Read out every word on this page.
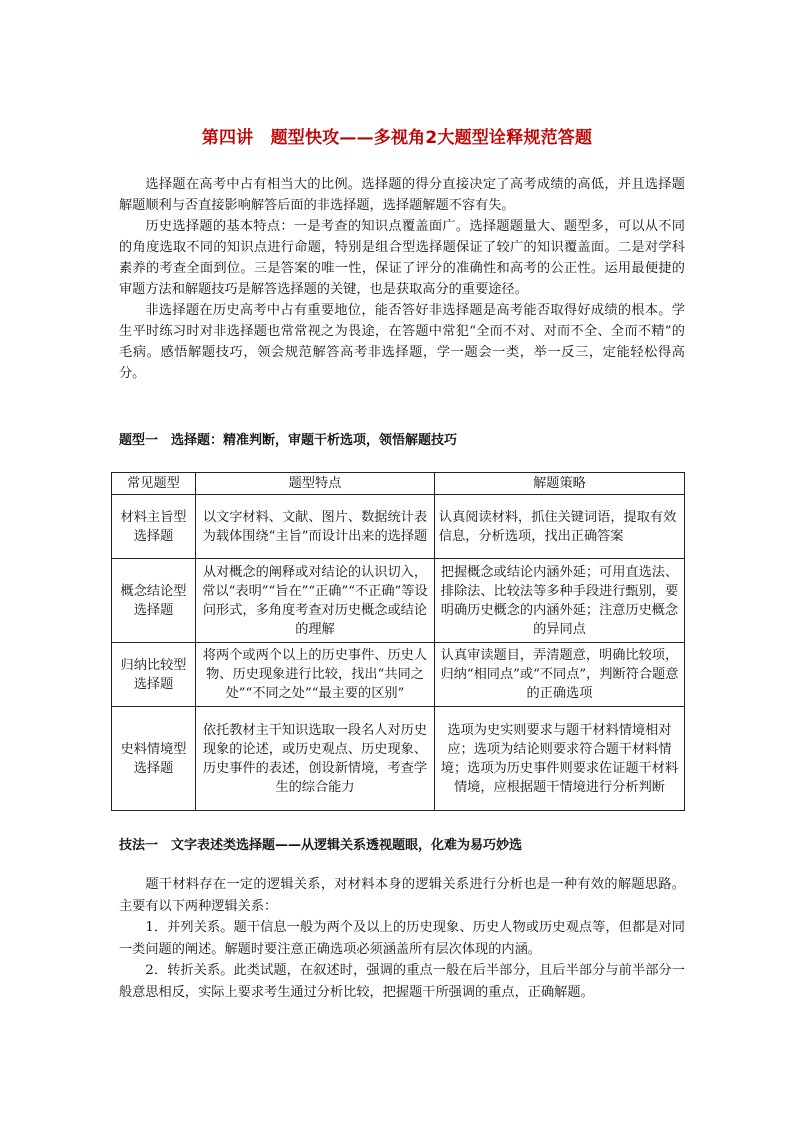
第四讲　题型快攻——多视角2大题型诠释规范答题

选择题在高考中占有相当大的比例。选择题的得分直接决定了高考成绩的高低，并且选择题解题顺利与否直接影响解答后面的非选择题，选择题解题不容有失。

历史选择题的基本特点：一是考查的知识点覆盖面广。选择题题量大、题型多，可以从不同的角度选取不同的知识点进行命题，特别是组合型选择题保证了较广的知识覆盖面。二是对学科素养的考查全面到位。三是答案的唯一性，保证了评分的准确性和高考的公正性。运用最便捷的审题方法和解题技巧是解答选择题的关键，也是获取高分的重要途径。

非选择题在历史高考中占有重要地位，能否答好非选择题是高考能否取得好成绩的根本。学生平时练习时对非选择题也常常视之为畏途，在答题中常犯“全而不对、对而不全、全而不精”的毛病。感悟解题技巧，领会规范解答高考非选择题，学一题会一类，举一反三，定能轻松得高分。

题型一　选择题：精准判断，审题干析选项，领悟解题技巧
常见题型	题型特点	解题策略
材料主旨型选择题	以文字材料、文献、图片、数据统计表为载体围绕“主旨”而设计出来的选择题	认真阅读材料，抓住关键词语，提取有效信息，分析选项，找出正确答案
概念结论型选择题	从对概念的阐释或对结论的认识切入，常以“表明”“旨在”“正确”“不正确”等设问形式，多角度考查对历史概念或结论的理解	把握概念或结论内涵外延；可用直选法、排除法、比较法等多种手段进行甄别，要明确历史概念的内涵外延；注意历史概念的异同点
归纳比较型选择题	将两个或两个以上的历史事件、历史人物、历史现象进行比较，找出“共同之处”“不同之处”“最主要的区别”	认真审读题目，弄清题意，明确比较项，归纳“相同点”或“不同点”，判断符合题意的正确选项
史料情境型选择题	依托教材主干知识选取一段名人对历史现象的论述，或历史观点、历史现象、历史事件的表述，创设新情境，考查学生的综合能力	选项为史实则要求与题干材料情境相对应；选项为结论则要求符合题干材料情境；选项为历史事件则要求佐证题干材料情境，应根据题干情境进行分析判断
技法一　文字表述类选择题——从逻辑关系透视题眼，化难为易巧妙选

题干材料存在一定的逻辑关系，对材料本身的逻辑关系进行分析也是一种有效的解题思路。主要有以下两种逻辑关系：

1．并列关系。题干信息一般为两个及以上的历史现象、历史人物或历史观点等，但都是对同一类问题的阐述。解题时要注意正确选项必须涵盖所有层次体现的内涵。

2．转折关系。此类试题，在叙述时，强调的重点一般在后半部分，且后半部分与前半部分一般意思相反，实际上要求考生通过分析比较，把握题干所强调的重点，正确解题。
